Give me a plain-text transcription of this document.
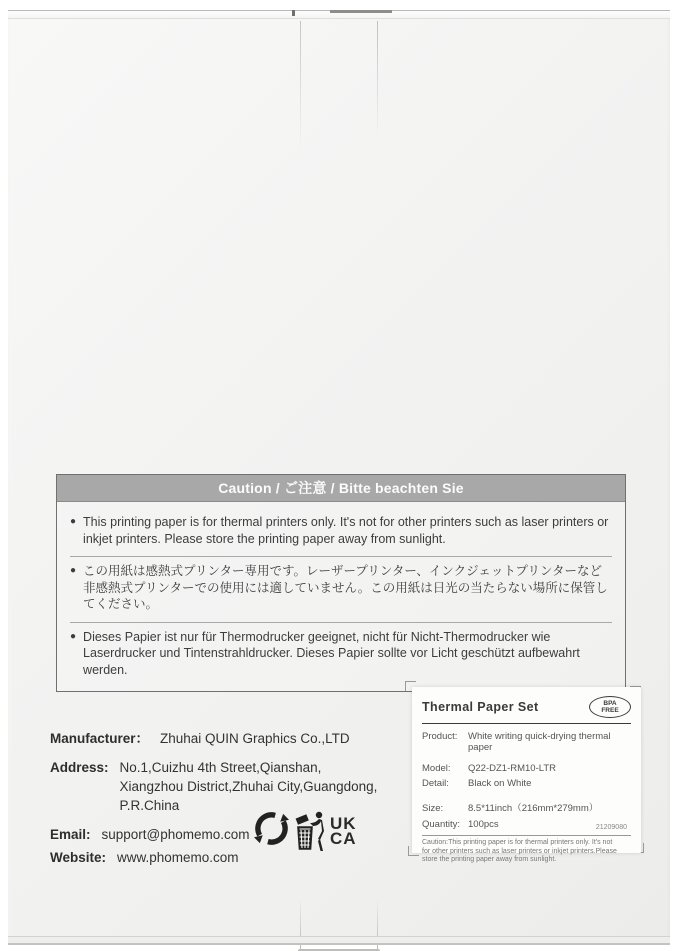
Caution / ご注意 / Bitte beachten Sie
● This printing paper is for thermal printers only. It's not for other printers such as laser printers or inkjet printers. Please store the printing paper away from sunlight.
● この用紙は感熱式プリンター専用です。レーザープリンター、インクジェットプリンターなど非感熱式プリンターでの使用には適していません。この用紙は日光の当たらない場所に保管してください。
● Dieses Papier ist nur für Thermodrucker geeignet, nicht für Nicht-Thermodrucker wie Laserdrucker und Tintenstrahldrucker. Dieses Papier sollte vor Licht geschützt aufbewahrt werden.
Manufacturer： Zhuhai QUIN Graphics Co.,LTD
Address: No.1,Cuizhu 4th Street,Qianshan,
Xiangzhou District,Zhuhai City,Guangdong,
P.R.China
Email: support@phomemo.com
Website: www.phomemo.com
UK
CA
Thermal Paper Set	BPA
FREE
Product:	White writing quick-drying thermal paper
Model:	Q22-DZ1-RM10-LTR
Detail:	Black on White
Size:	8.5*11inch（216mm*279mm）
Quantity: 100pcs
Caution:This printing paper is for thermal printers only. It's not for other printers such as laser printers or inkjet printers.Please store the printing paper away from sunlight.
21209080
